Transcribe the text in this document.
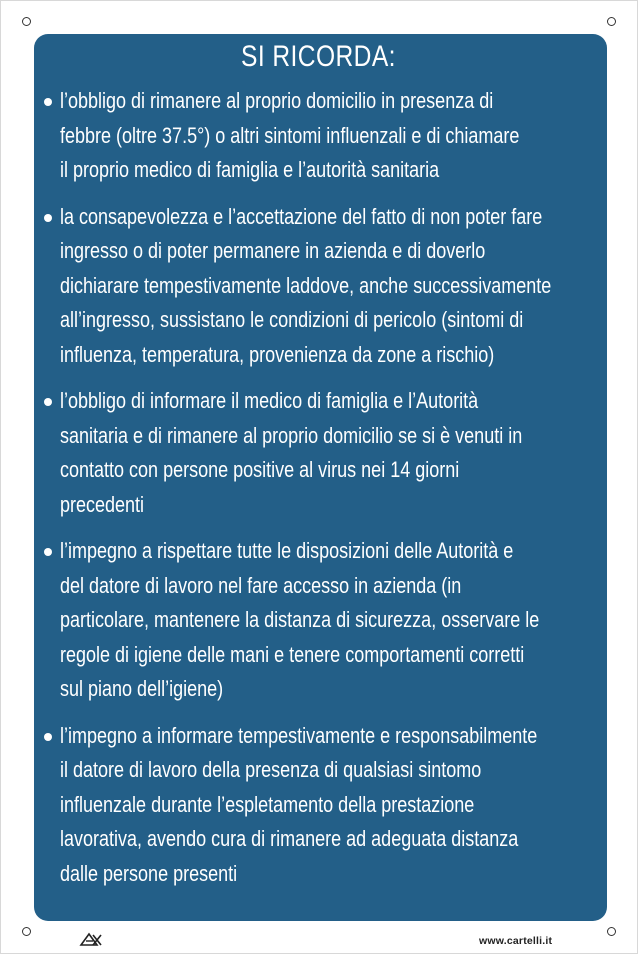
SI RICORDA:
l’obbligo di rimanere al proprio domicilio in presenza di
febbre (oltre 37.5°) o altri sintomi influenzali e di chiamare
il proprio medico di famiglia e l’autorità sanitaria
la consapevolezza e l’accettazione del fatto di non poter fare
ingresso o di poter permanere in azienda e di doverlo
dichiarare tempestivamente laddove, anche successivamente
all’ingresso, sussistano le condizioni di pericolo (sintomi di
influenza, temperatura, provenienza da zone a rischio)
l’obbligo di informare il medico di famiglia e l’Autorità
sanitaria e di rimanere al proprio domicilio se si è venuti in
contatto con persone positive al virus nei 14 giorni
precedenti
l’impegno a rispettare tutte le disposizioni delle Autorità e
del datore di lavoro nel fare accesso in azienda (in
particolare, mantenere la distanza di sicurezza, osservare le
regole di igiene delle mani e tenere comportamenti corretti
sul piano dell’igiene)
l’impegno a informare tempestivamente e responsabilmente
il datore di lavoro della presenza di qualsiasi sintomo
influenzale durante l’espletamento della prestazione
lavorativa, avendo cura di rimanere ad adeguata distanza
dalle persone presenti
www.cartelli.it
